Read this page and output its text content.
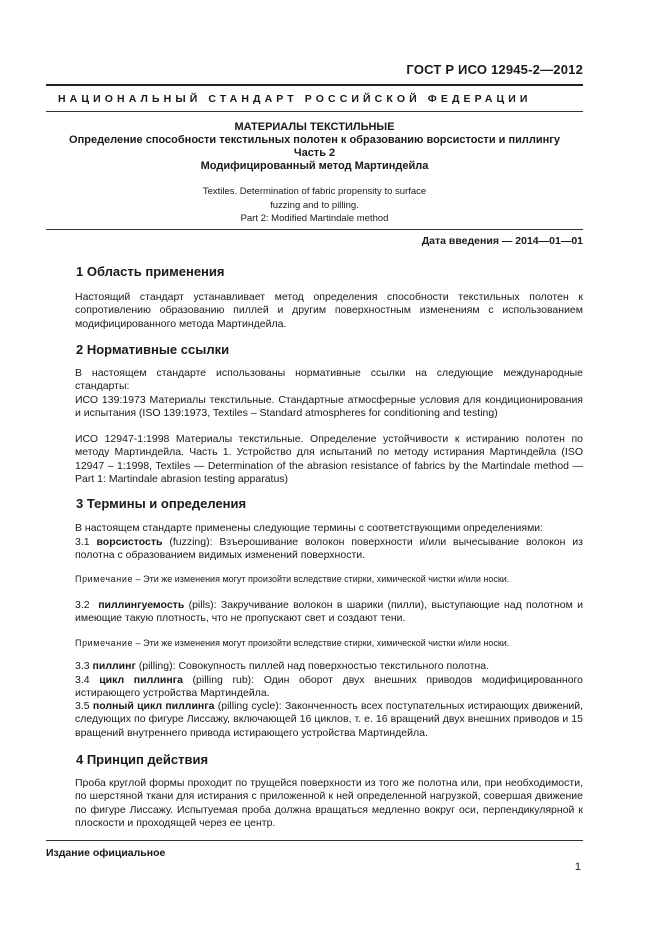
ГОСТ Р ИСО 12945-2—2012
НАЦИОНАЛЬНЫЙ СТАНДАРТ РОССИЙСКОЙ ФЕДЕРАЦИИ
МАТЕРИАЛЫ ТЕКСТИЛЬНЫЕ
Определение способности текстильных полотен к образованию ворсистости и пиллингу
Часть 2
Модифицированный метод Мартиндейла
Textiles. Determination of fabric propensity to surface
fuzzing and to pilling.
Part 2: Modified Martindale method
Дата введения — 2014—01—01
1 Область применения

Настоящий стандарт устанавливает метод определения способности текстильных полотен к сопротивлению образованию пиллей и другим поверхностным изменениям с использованием модифицированного метода Мартиндейла.

2 Нормативные ссылки

В настоящем стандарте использованы нормативные ссылки на следующие международные стандарты:

ИСО 139:1973 Материалы текстильные. Стандартные атмосферные условия для кондиционирования и испытания (ISO 139:1973, Textiles – Standard atmospheres for conditioning and testing)

ИСО 12947-1:1998 Материалы текстильные. Определение устойчивости к истиранию полотен по методу Мартиндейла. Часть 1. Устройство для испытаний по методу истирания Мартиндейла (ISO 12947 – 1:1998, Textiles — Determination of the abrasion resistance of fabrics by the Martindale method — Part 1: Martindale abrasion testing apparatus)

3 Термины и определения

В настоящем стандарте применены следующие термины с соответствующими определениями:

3.1 ворсистость (fuzzing): Взъерошивание волокон поверхности и/или вычесывание волокон из полотна с образованием видимых изменений поверхности.

Примечание – Эти же изменения могут произойти вследствие стирки, химической чистки и/или носки.

3.2 пиллингуемость (pills): Закручивание волокон в шарики (пилли), выступающие над полотном и имеющие такую плотность, что не пропускают свет и создают тени.

Примечание – Эти же изменения могут произойти вследствие стирки, химической чистки и/или носки.

3.3 пиллинг (pilling): Совокупность пиллей над поверхностью текстильного полотна.

3.4 цикл пиллинга (pilling rub): Один оборот двух внешних приводов модифицированного истирающего устройства Мартиндейла.

3.5 полный цикл пиллинга (pilling cycle): Законченность всех поступательных истирающих движений, следующих по фигуре Лиссажу, включающей 16 циклов, т. е. 16 вращений двух внешних приводов и 15 вращений внутреннего привода истирающего устройства Мартиндейла.

4 Принцип действия

Проба круглой формы проходит по трущейся поверхности из того же полотна или, при необходимости, по шерстяной ткани для истирания с приложенной к ней определенной нагрузкой, совершая движение по фигуре Лиссажу. Испытуемая проба должна вращаться медленно вокруг оси, перпендикулярной к плоскости и проходящей через ее центр.

Издание официальное
1
